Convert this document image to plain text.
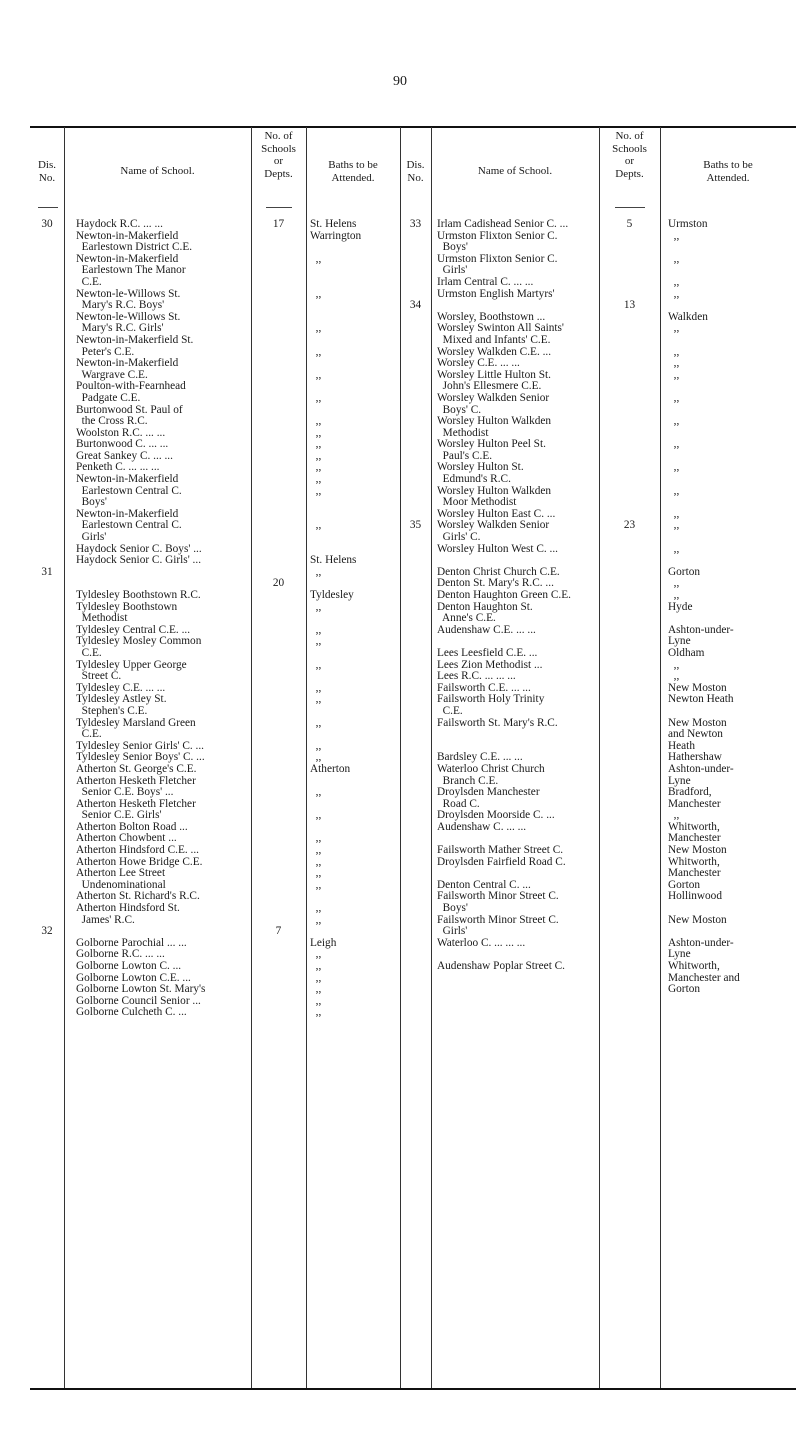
90
Dis.
No.
Name of School.
No. of
Schools
or
Depts.
Baths to be
Attended.
Dis.
No.
Name of School.
No. of
Schools
or
Depts.
Baths to be
Attended.
30

31

32
Haydock R.C. ... ...
Newton-in-Makerfield
Earlestown District C.E.
Newton-in-Makerfield
Earlestown The Manor
C.E.
Newton-le-Willows St.
Mary's R.C. Boys'
Newton-le-Willows St.
Mary's R.C. Girls'
Newton-in-Makerfield St.
Peter's C.E.
Newton-in-Makerfield
Wargrave C.E.
Poulton-with-Fearnhead
Padgate C.E.
Burtonwood St. Paul of
the Cross R.C.
Woolston R.C. ... ...
Burtonwood C. ... ...
Great Sankey C. ... ...
Penketh C. ... ... ...
Newton-in-Makerfield
Earlestown Central C.
Boys'
Newton-in-Makerfield
Earlestown Central C.
Girls'
Haydock Senior C. Boys' ...
Haydock Senior C. Girls' ...

Tyldesley Boothstown R.C.
Tyldesley Boothstown
Methodist
Tyldesley Central C.E. ...
Tyldesley Mosley Common
C.E.
Tyldesley Upper George
Street C.
Tyldesley C.E. ... ...
Tyldesley Astley St.
Stephen's C.E.
Tyldesley Marsland Green
C.E.
Tyldesley Senior Girls' C. ...
Tyldesley Senior Boys' C. ...
Atherton St. George's C.E.
Atherton Hesketh Fletcher
Senior C.E. Boys' ...
Atherton Hesketh Fletcher
Senior C.E. Girls'
Atherton Bolton Road ...
Atherton Chowbent ...
Atherton Hindsford C.E. ...
Atherton Howe Bridge C.E.
Atherton Lee Street
Undenominational
Atherton St. Richard's R.C.
Atherton Hindsford St.
James' R.C.

Golborne Parochial ... ...
Golborne R.C. ... ...
Golborne Lowton C. ...
Golborne Lowton C.E. ...
Golborne Lowton St. Mary's
Golborne Council Senior ...
Golborne Culcheth C. ...
17

20

7
St. Helens
Warrington

,,

,,

,,

,,

,,

,,

,,
,,
,,
,,
,,
,,
,,

,,

St. Helens
,,

Tyldesley
,,

,,
,,

,,

,,
,,

,,

,,
,,
Atherton

,,

,,

,,
,,
,,
,,
,,

,,
,,

Leigh
,,
,,
,,
,,
,,
,,
33

34

35
Irlam Cadishead Senior C. ...
Urmston Flixton Senior C.
Boys'
Urmston Flixton Senior C.
Girls'
Irlam Central C. ... ...
Urmston English Martyrs'

Worsley, Boothstown ...
Worsley Swinton All Saints'
Mixed and Infants' C.E.
Worsley Walkden C.E. ...
Worsley C.E. ... ...
Worsley Little Hulton St.
John's Ellesmere C.E.
Worsley Walkden Senior
Boys' C.
Worsley Hulton Walkden
Methodist
Worsley Hulton Peel St.
Paul's C.E.
Worsley Hulton St.
Edmund's R.C.
Worsley Hulton Walkden
Moor Methodist
Worsley Hulton East C. ...
Worsley Walkden Senior
Girls' C.
Worsley Hulton West C. ...

Denton Christ Church C.E.
Denton St. Mary's R.C. ...
Denton Haughton Green C.E.
Denton Haughton St.
Anne's C.E.
Audenshaw C.E. ... ...

Lees Leesfield C.E. ...
Lees Zion Methodist ...
Lees R.C. ... ... ...
Failsworth C.E. ... ...
Failsworth Holy Trinity
C.E.
Failsworth St. Mary's R.C.

Bardsley C.E. ... ...
Waterloo Christ Church
Branch C.E.
Droylsden Manchester
Road C.
Droylsden Moorside C. ...
Audenshaw C. ... ...

Failsworth Mather Street C.
Droylsden Fairfield Road C.

Denton Central C. ...
Failsworth Minor Street C.
Boys'
Failsworth Minor Street C.
Girls'
Waterloo C. ... ... ...

Audenshaw Poplar Street C.
5

13

23
Urmston
,,

,,

,,
,,

Walkden
,,

,,
,,
,,

,,

,,

,,

,,

,,

,,
,,

,,

Gorton
,,
,,
Hyde

Ashton-under-
Lyne
Oldham
,,
,,
New Moston
Newton Heath

New Moston
and Newton
Heath
Hathershaw
Ashton-under-
Lyne
Bradford,
Manchester
,,
Whitworth,
Manchester
New Moston
Whitworth,
Manchester
Gorton
Hollinwood

New Moston

Ashton-under-
Lyne
Whitworth,
Manchester and
Gorton
